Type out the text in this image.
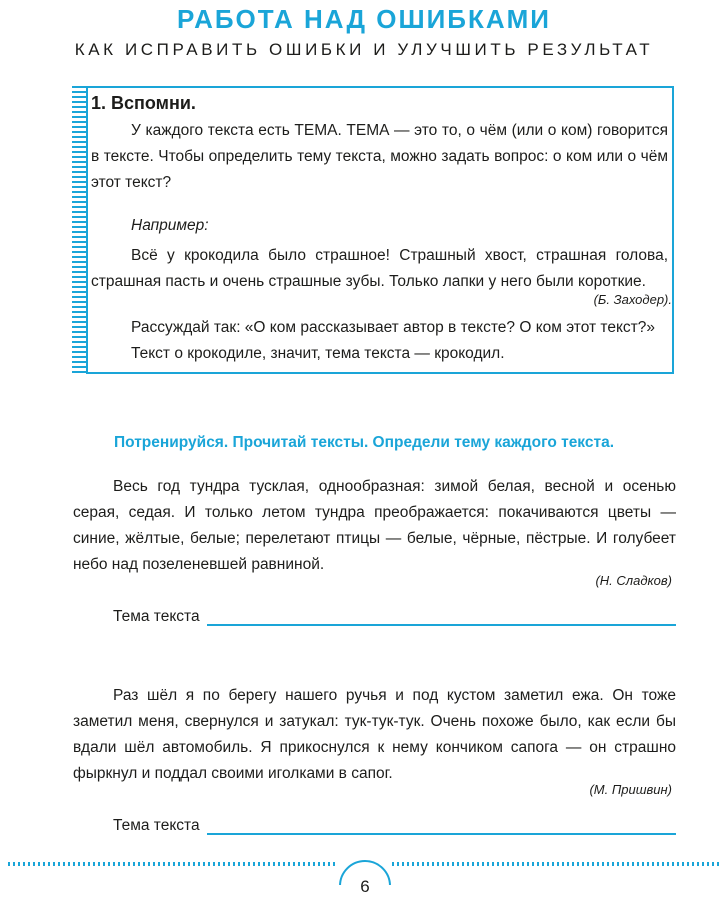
РАБОТА НАД ОШИБКАМИ
КАК ИСПРАВИТЬ ОШИБКИ И УЛУЧШИТЬ РЕЗУЛЬТАТ
1. Вспомни.
У каждого текста есть ТЕМА. ТЕМА — это то, о чём (или о ком) говорится в тексте. Чтобы определить тему текста, можно задать вопрос: о ком или о чём этот текст?
Например:
Всё у крокодила было страшное! Страшный хвост, страшная голова, страшная пасть и очень страшные зубы. Только лапки у него были короткие.
(Б. Заходер).
Рассуждай так: «О ком рассказывает автор в тексте? О ком этот текст?»
Текст о крокодиле, значит, тема текста — крокодил.
Потренируйся. Прочитай тексты. Определи тему каждого текста.
Весь год тундра тусклая, однообразная: зимой белая, весной и осенью серая, седая. И только летом тундра преображается: покачиваются цветы — синие, жёлтые, белые; перелетают птицы — белые, чёрные, пёстрые. И голубеет небо над позеленевшей равниной.
(Н. Сладков)
Тема текста
Раз шёл я по берегу нашего ручья и под кустом заметил ежа. Он тоже заметил меня, свернулся и затукал: тук-тук-тук. Очень похоже было, как если бы вдали шёл автомобиль. Я прикоснулся к нему кончиком сапога — он страшно фыркнул и поддал своими иголками в сапог.
(М. Пришвин)
Тема текста
6
